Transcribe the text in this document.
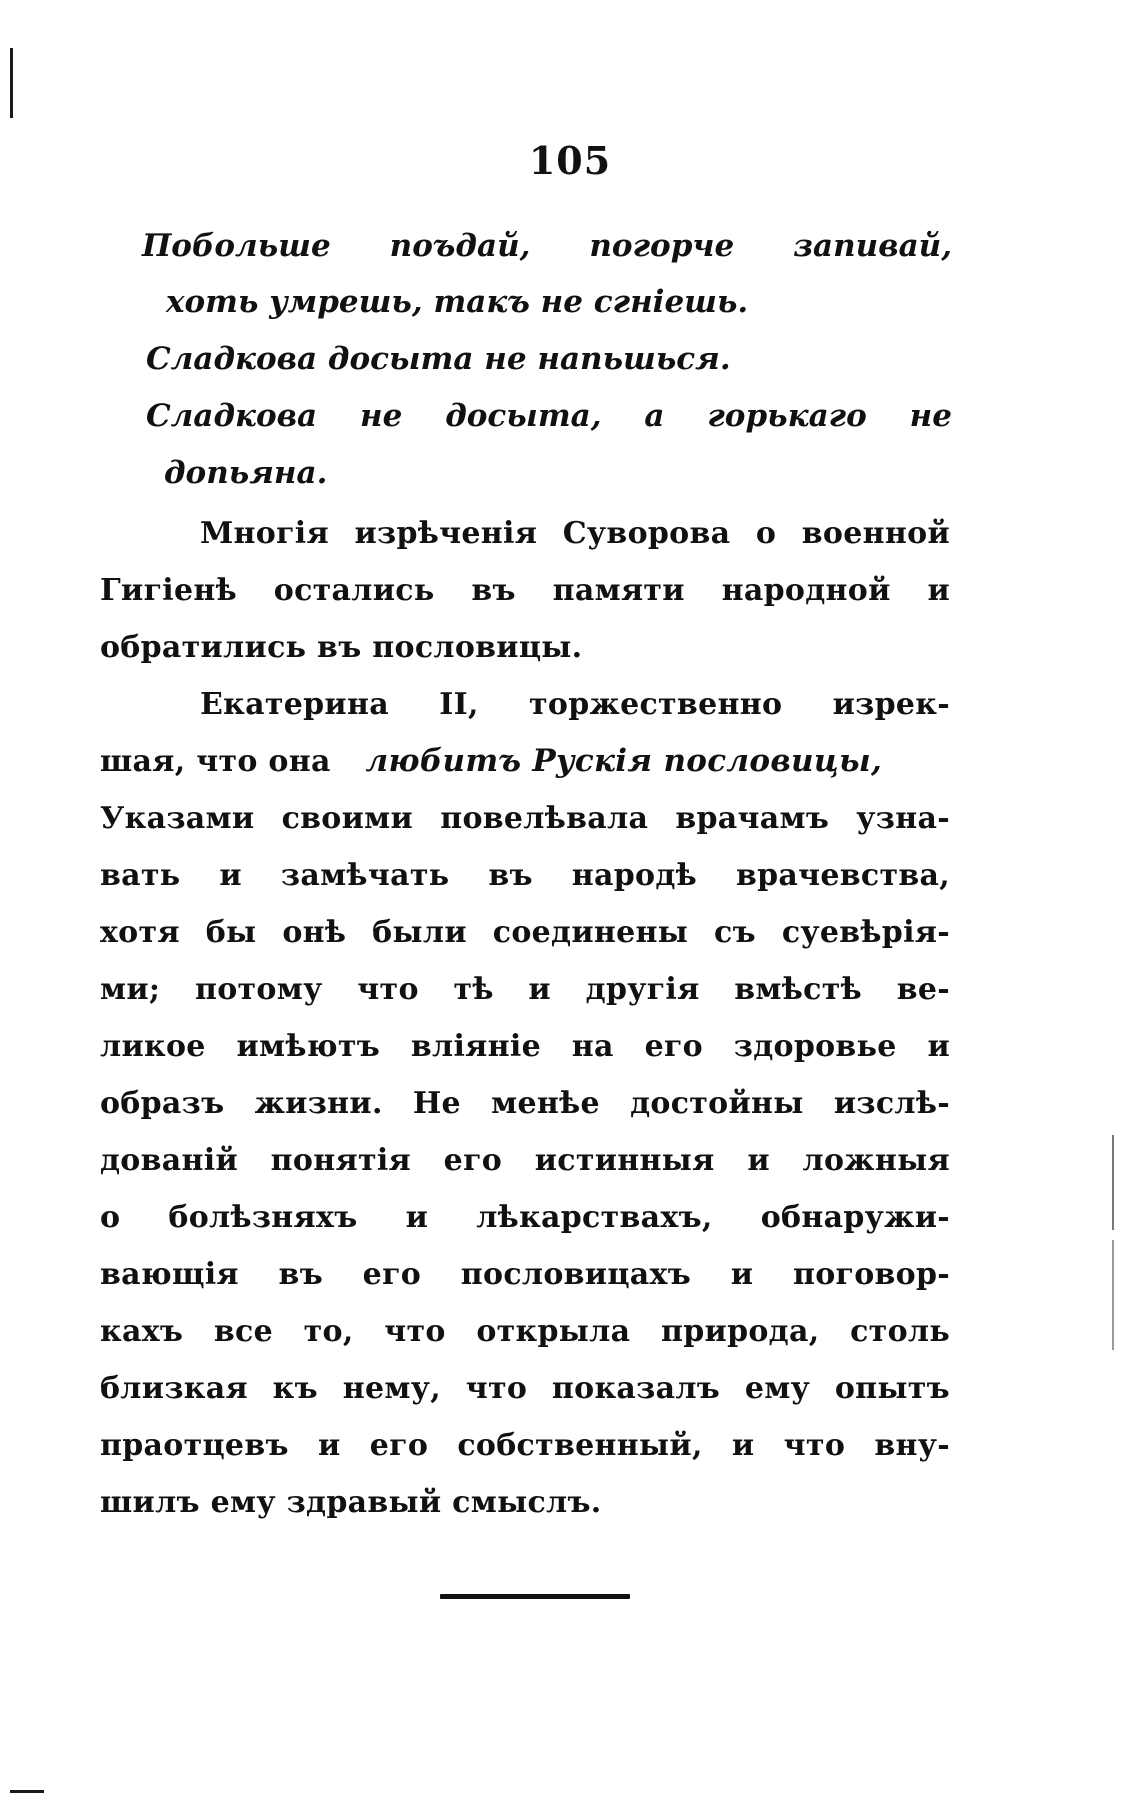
105
Побольше поъдай, погорче запивай,
хоть умрешь, такъ не сгнiешь.
Сладкова досыта не напьшься.
Сладкова не досыта, а горькаго не
допьяна.
Многiя изрѣченiя Суворова о военной
Гигiенѣ остались въ памяти народной и
обратились въ пословицы.
Екатерина II, торжественно изрек-
шая, что она любитъ Рускiя пословицы,
Указами своими повелѣвала врачамъ узна-
вать и замѣчать въ народѣ врачевства,
хотя бы онѣ были соединены съ суевѣрiя-
ми; потому что тѣ и другiя вмѣстѣ ве-
ликое имѣютъ влiянiе на его здоровье и
образъ жизни. Не менѣе достойны изслѣ-
дованiй понятiя его истинныя и ложныя
о болѣзняхъ и лѣкарствахъ, обнаружи-
вающiя въ его пословицахъ и поговор-
кахъ все то, что открыла природа, столь
близкая къ нему, что показалъ ему опытъ
праотцевъ и его собственный, и что вну-
шилъ ему здравый смыслъ.
